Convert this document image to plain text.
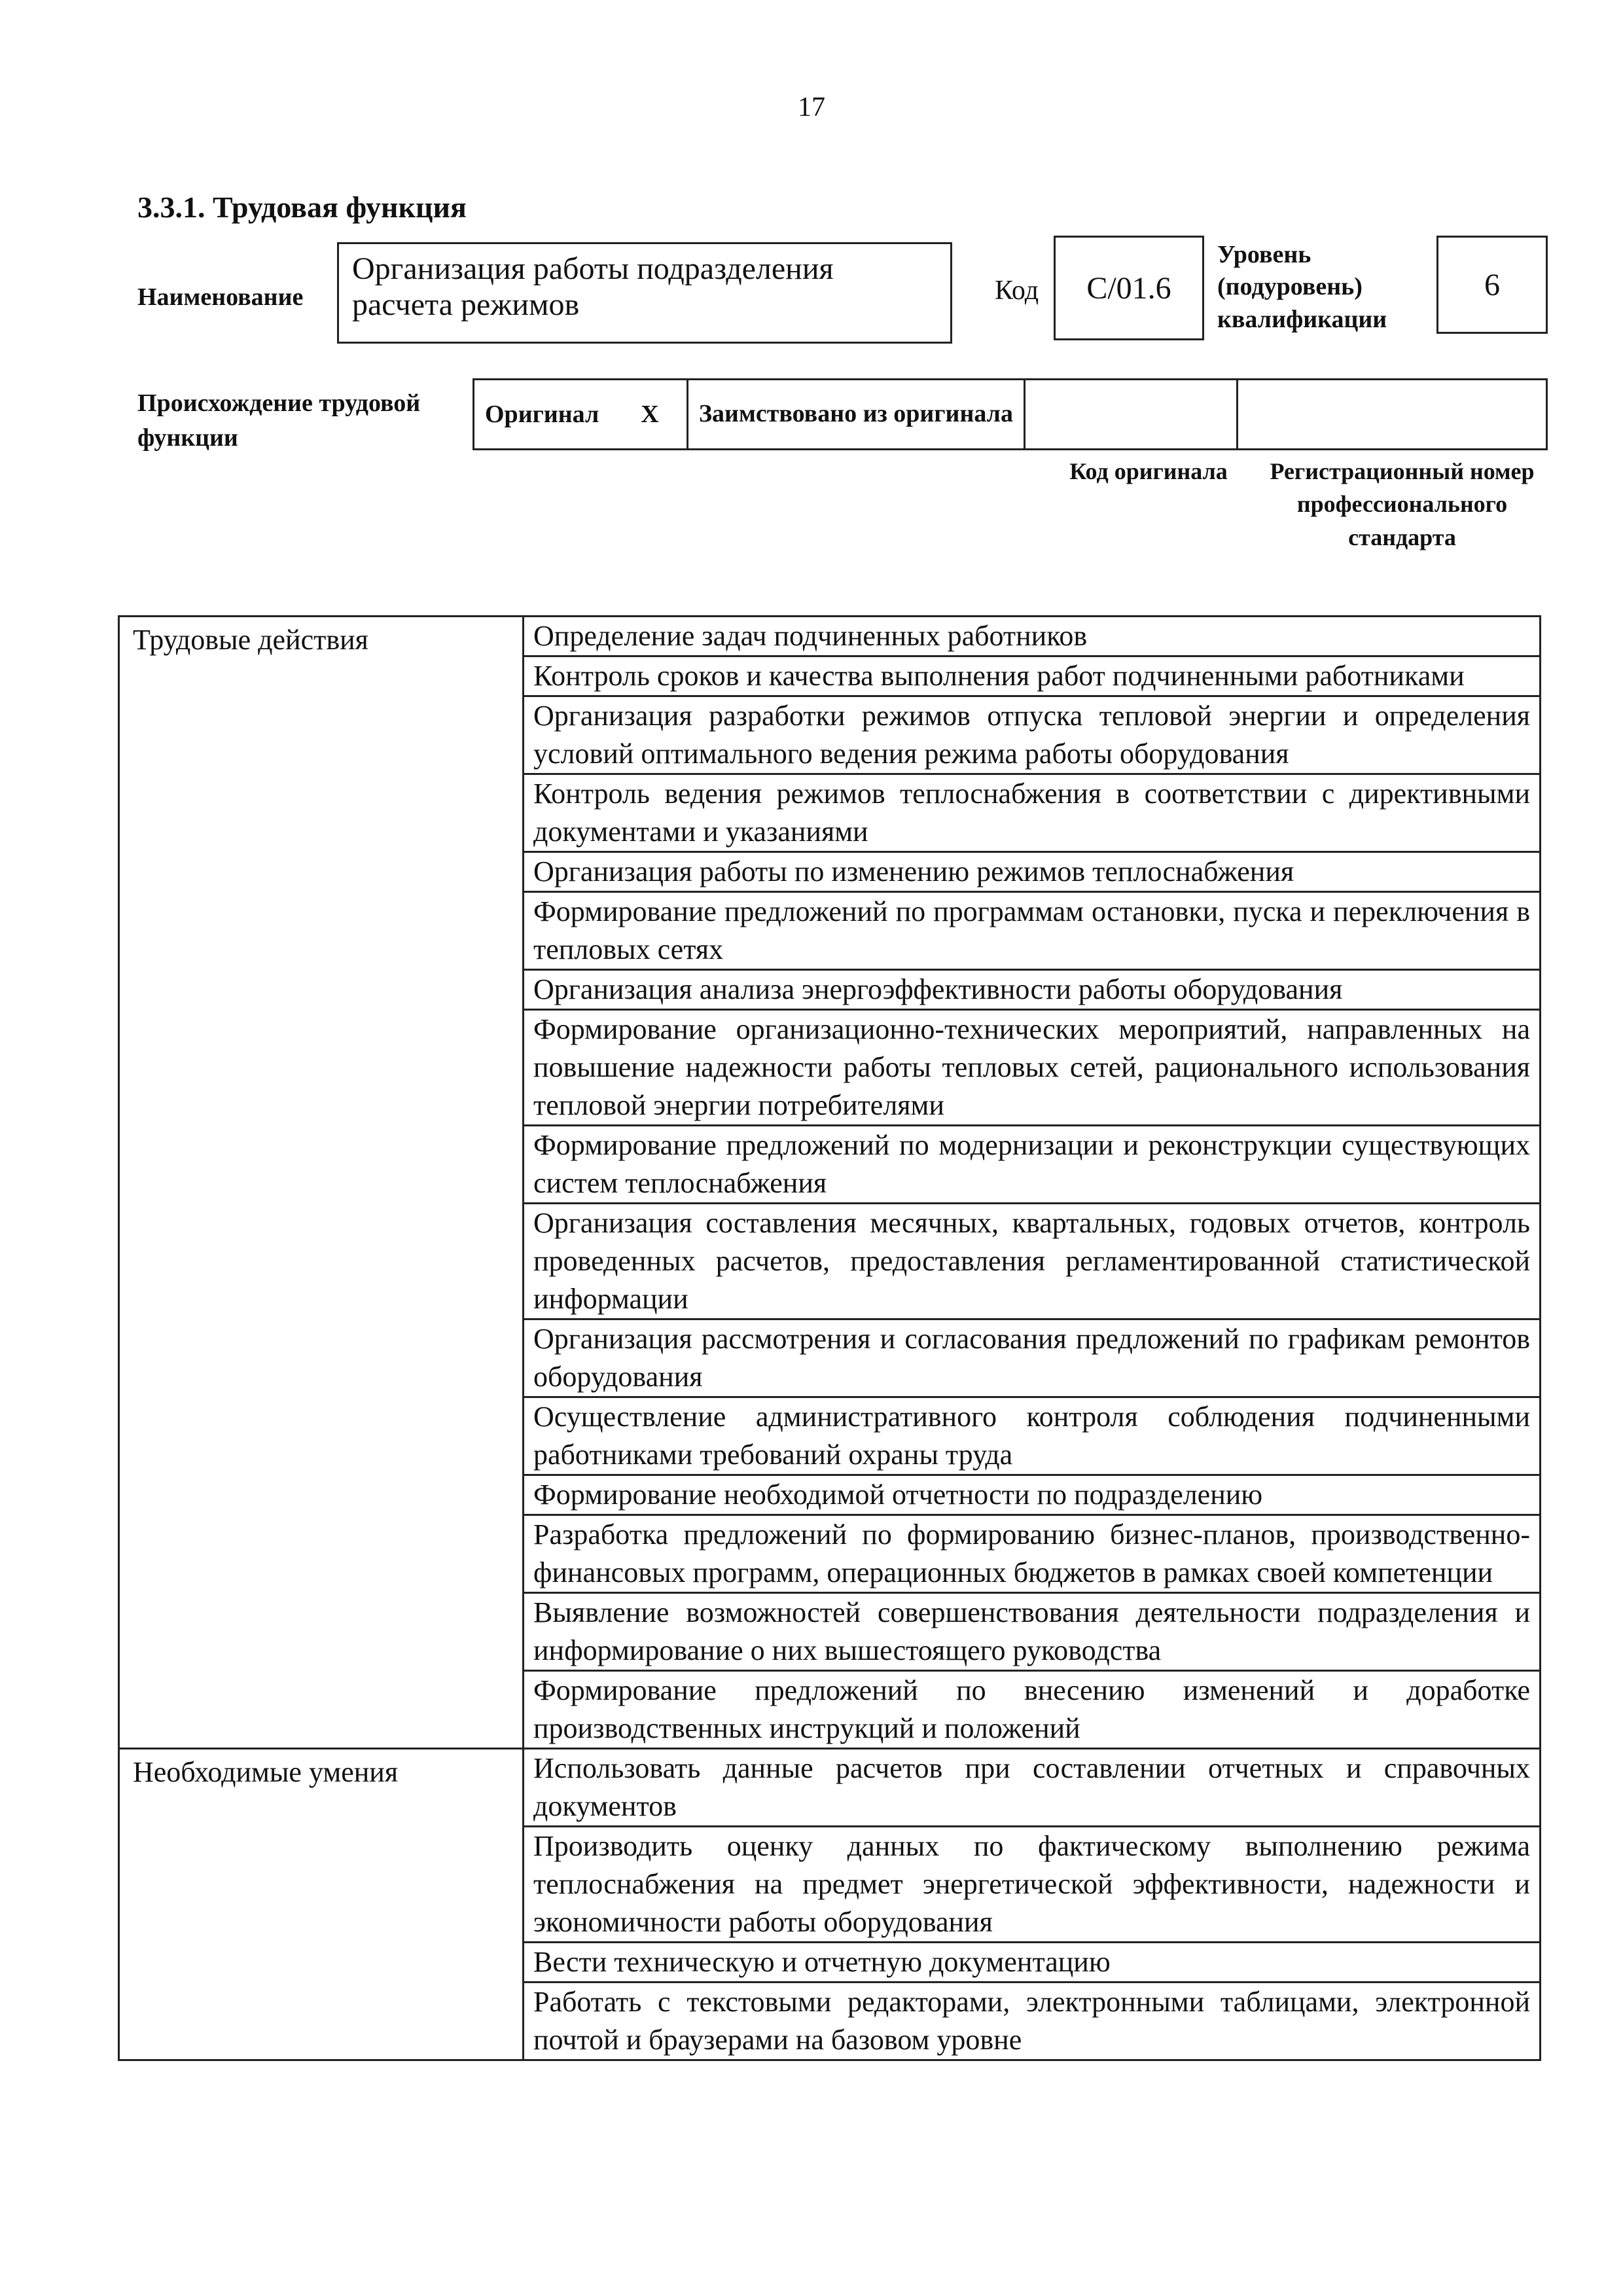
17
3.3.1. Трудовая функция
Наименование
Организация работы подразделения расчета режимов	Код	C/01.6
Уровень (подуровень) квалификации
6
Происхождение трудовой функции
Оригинал	X	Заимствовано из оригинала		
Код оригинала	Регистрационный номер профессионального стандарта
Трудовые действия	Определение задач подчиненных работников
	Контроль сроков и качества выполнения работ подчиненными работниками
	Организация разработки режимов отпуска тепловой энергии и определения условий оптимального ведения режима работы оборудования
	Контроль ведения режимов теплоснабжения в соответствии с директивными документами и указаниями
	Организация работы по изменению режимов теплоснабжения
	Формирование предложений по программам остановки, пуска и переключения в тепловых сетях
	Организация анализа энергоэффективности работы оборудования
	Формирование организационно-технических мероприятий, направленных на повышение надежности работы тепловых сетей, рационального использования тепловой энергии потребителями
	Формирование предложений по модернизации и реконструкции существующих систем теплоснабжения
	Организация составления месячных, квартальных, годовых отчетов, контроль проведенных расчетов, предоставления регламентированной статистической информации
	Организация рассмотрения и согласования предложений по графикам ремонтов оборудования
	Осуществление административного контроля соблюдения подчиненными работниками требований охраны труда
	Формирование необходимой отчетности по подразделению
	Разработка предложений по формированию бизнес-планов, производственно-финансовых программ, операционных бюджетов в рамках своей компетенции
	Выявление возможностей совершенствования деятельности подразделения и информирование о них вышестоящего руководства
	Формирование предложений по внесению изменений и доработке производственных инструкций и положений
Необходимые умения	Использовать данные расчетов при составлении отчетных и справочных документов
	Производить оценку данных по фактическому выполнению режима теплоснабжения на предмет энергетической эффективности, надежности и экономичности работы оборудования
	Вести техническую и отчетную документацию
	Работать с текстовыми редакторами, электронными таблицами, электронной почтой и браузерами на базовом уровне
